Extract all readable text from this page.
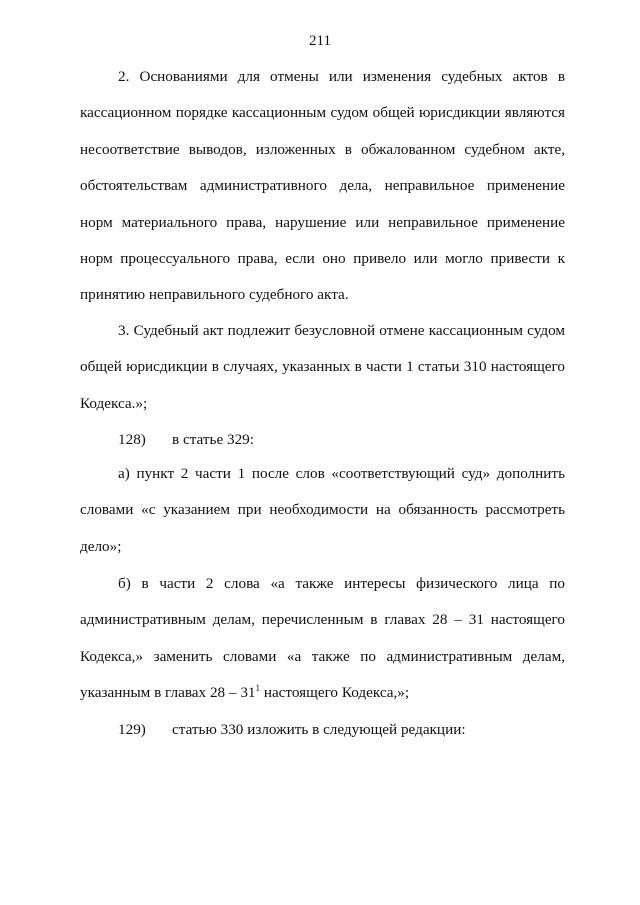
211

2. Основаниями для отмены или изменения судебных актов в кассационном порядке кассационным судом общей юрисдикции являются несоответствие выводов, изложенных в обжалованном судебном акте, обстоятельствам административного дела, неправильное применение норм материального права, нарушение или неправильное применение норм процессуального права, если оно привело или могло привести к принятию неправильного судебного акта.

3. Судебный акт подлежит безусловной отмене кассационным судом общей юрисдикции в случаях, указанных в части 1 статьи 310 настоящего Кодекса.»;

128) в статье 329:

а) пункт 2 части 1 после слов «соответствующий суд» дополнить словами «с указанием при необходимости на обязанность рассмотреть дело»;

б) в части 2 слова «а также интересы физического лица по административным делам, перечисленным в главах 28 – 31 настоящего Кодекса,» заменить словами «а также по административным делам, указанным в главах $28 - 31^1$ настоящего Кодекса,»;

129) статью 330 изложить в следующей редакции:
